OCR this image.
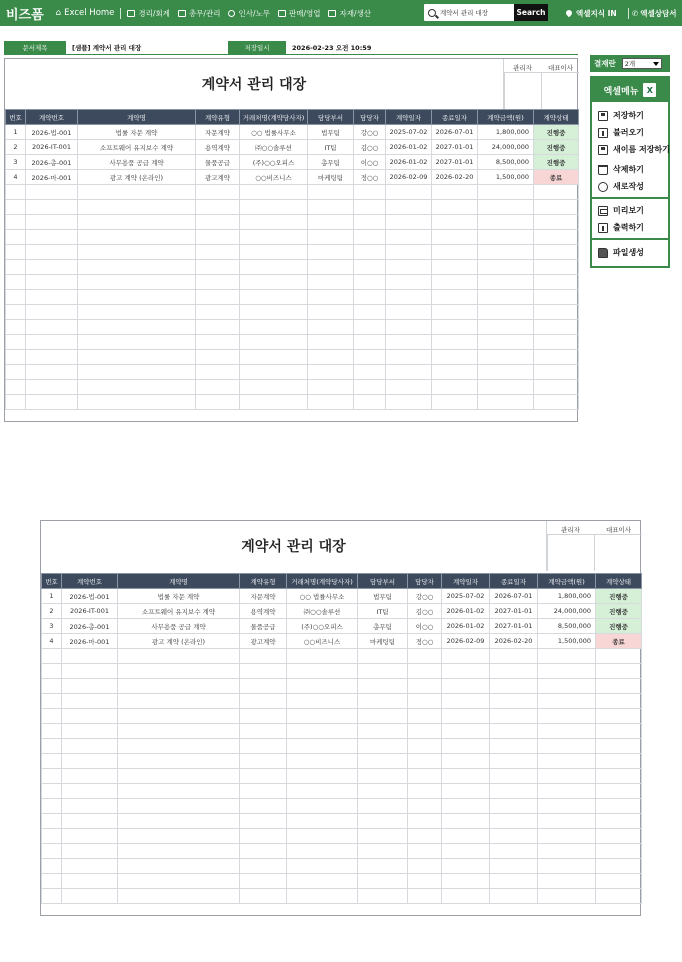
비즈폼	⌂ Excel Home	경리/회계	총무/관리 인사/노무	판매/영업	자재/생산
계약서 관리 대장	Search	엑셀지식 IN ✆ 엑셀상담서
문서제목	[샘플] 계약서 관리 대장	저장일시	2026-02-23 오전 10:59
계약서 관리 대장
관리자	대표이사
번호	계약번호	계약명	계약유형	거래처명(계약당사자)	담당부서	담당자	계약일자	종료일자	계약금액(원)	계약상태
1	2026-법-001	법률 자문 계약	자문계약	○○ 법률사무소	법무팀	강○○	2025-07-02	2026-07-01	1,800,000	진행중
2	2026-IT-001	소프트웨어 유지보수 계약	용역계약	㈜○○솔루션	IT팀	김○○	2026-01-02	2027-01-01	24,000,000	진행중
3	2026-총-001	사무용품 공급 계약	물품공급	(주)○○오피스	총무팀	이○○	2026-01-02	2027-01-01	8,500,000	진행중
4	2026-마-001	광고 계약 (온라인)	광고계약	○○비즈니스	마케팅팀	정○○	2026-02-09	2026-02-20	1,500,000	종료

결재란 2개
엑셀메뉴	X
저장하기
불러오기
새이름 저장하기
삭제하기
새로작성
미리보기
출력하기
파일생성
계약서 관리 대장
관리자	대표이사
번호	계약번호	계약명	계약유형	거래처명(계약당사자)	담당부서	담당자	계약일자	종료일자	계약금액(원)	계약상태
1	2026-법-001	법률 자문 계약	자문계약	○○ 법률사무소	법무팀	강○○	2025-07-02	2026-07-01	1,800,000	진행중
2	2026-IT-001	소프트웨어 유지보수 계약	용역계약	㈜○○솔루션	IT팀	김○○	2026-01-02	2027-01-01	24,000,000	진행중
3	2026-총-001	사무용품 공급 계약	물품공급	(주)○○오피스	총무팀	이○○	2026-01-02	2027-01-01	8,500,000	진행중
4	2026-마-001	광고 계약 (온라인)	광고계약	○○비즈니스	마케팅팀	정○○	2026-02-09	2026-02-20	1,500,000	종료
